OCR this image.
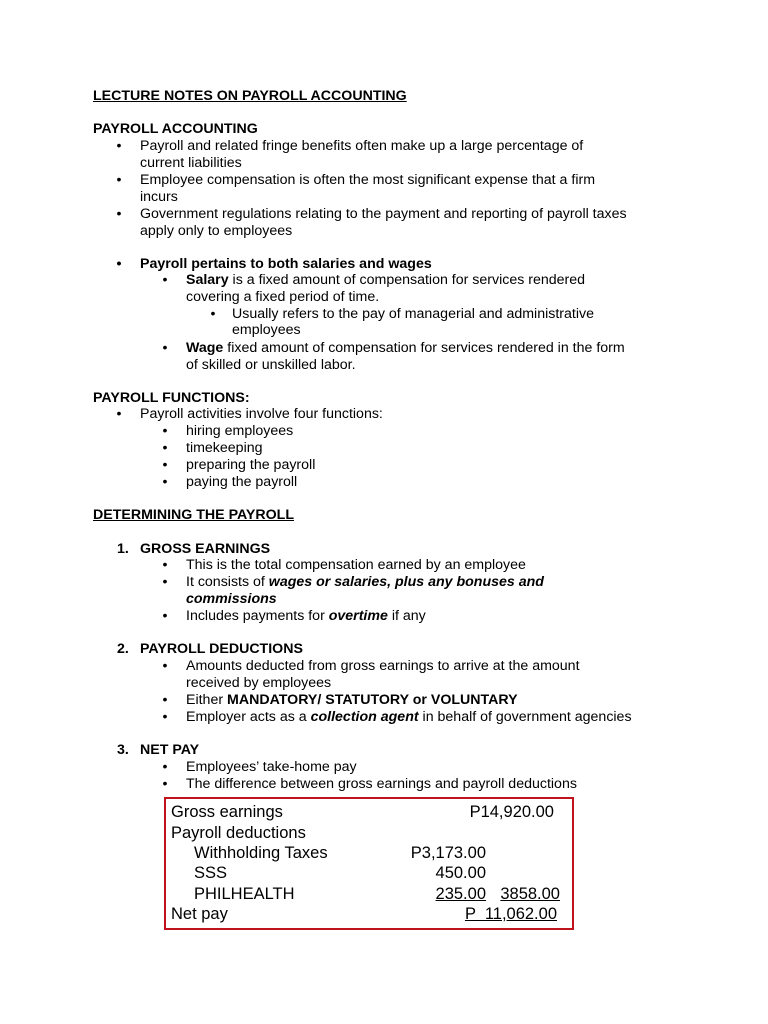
LECTURE NOTES ON PAYROLL ACCOUNTING
PAYROLL ACCOUNTING
• Payroll and related fringe benefits often make up a large percentage of
current liabilities
• Employee compensation is often the most significant expense that a firm
incurs
• Government regulations relating to the payment and reporting of payroll taxes
apply only to employees
• Payroll pertains to both salaries and wages
• Salary is a fixed amount of compensation for services rendered
covering a fixed period of time.
• Usually refers to the pay of managerial and administrative
employees
• Wage fixed amount of compensation for services rendered in the form
of skilled or unskilled labor.
PAYROLL FUNCTIONS:
• Payroll activities involve four functions:
• hiring employees
• timekeeping
• preparing the payroll
• paying the payroll
DETERMINING THE PAYROLL
1. GROSS EARNINGS
• This is the total compensation earned by an employee
• It consists of wages or salaries, plus any bonuses and
commissions
• Includes payments for overtime if any
2. PAYROLL DEDUCTIONS
• Amounts deducted from gross earnings to arrive at the amount
received by employees
• Either MANDATORY/ STATUTORY or VOLUNTARY
• Employer acts as a collection agent in behalf of government agencies
3. NET PAY
• Employees’ take-home pay
• The difference between gross earnings and payroll deductions
Gross earnings	P14,920.00
Payroll deductions
Withholding Taxes	P3,173.00
SSS	450.00
PHILHEALTH	235.00 3858.00
Net pay	P  11,062.00
